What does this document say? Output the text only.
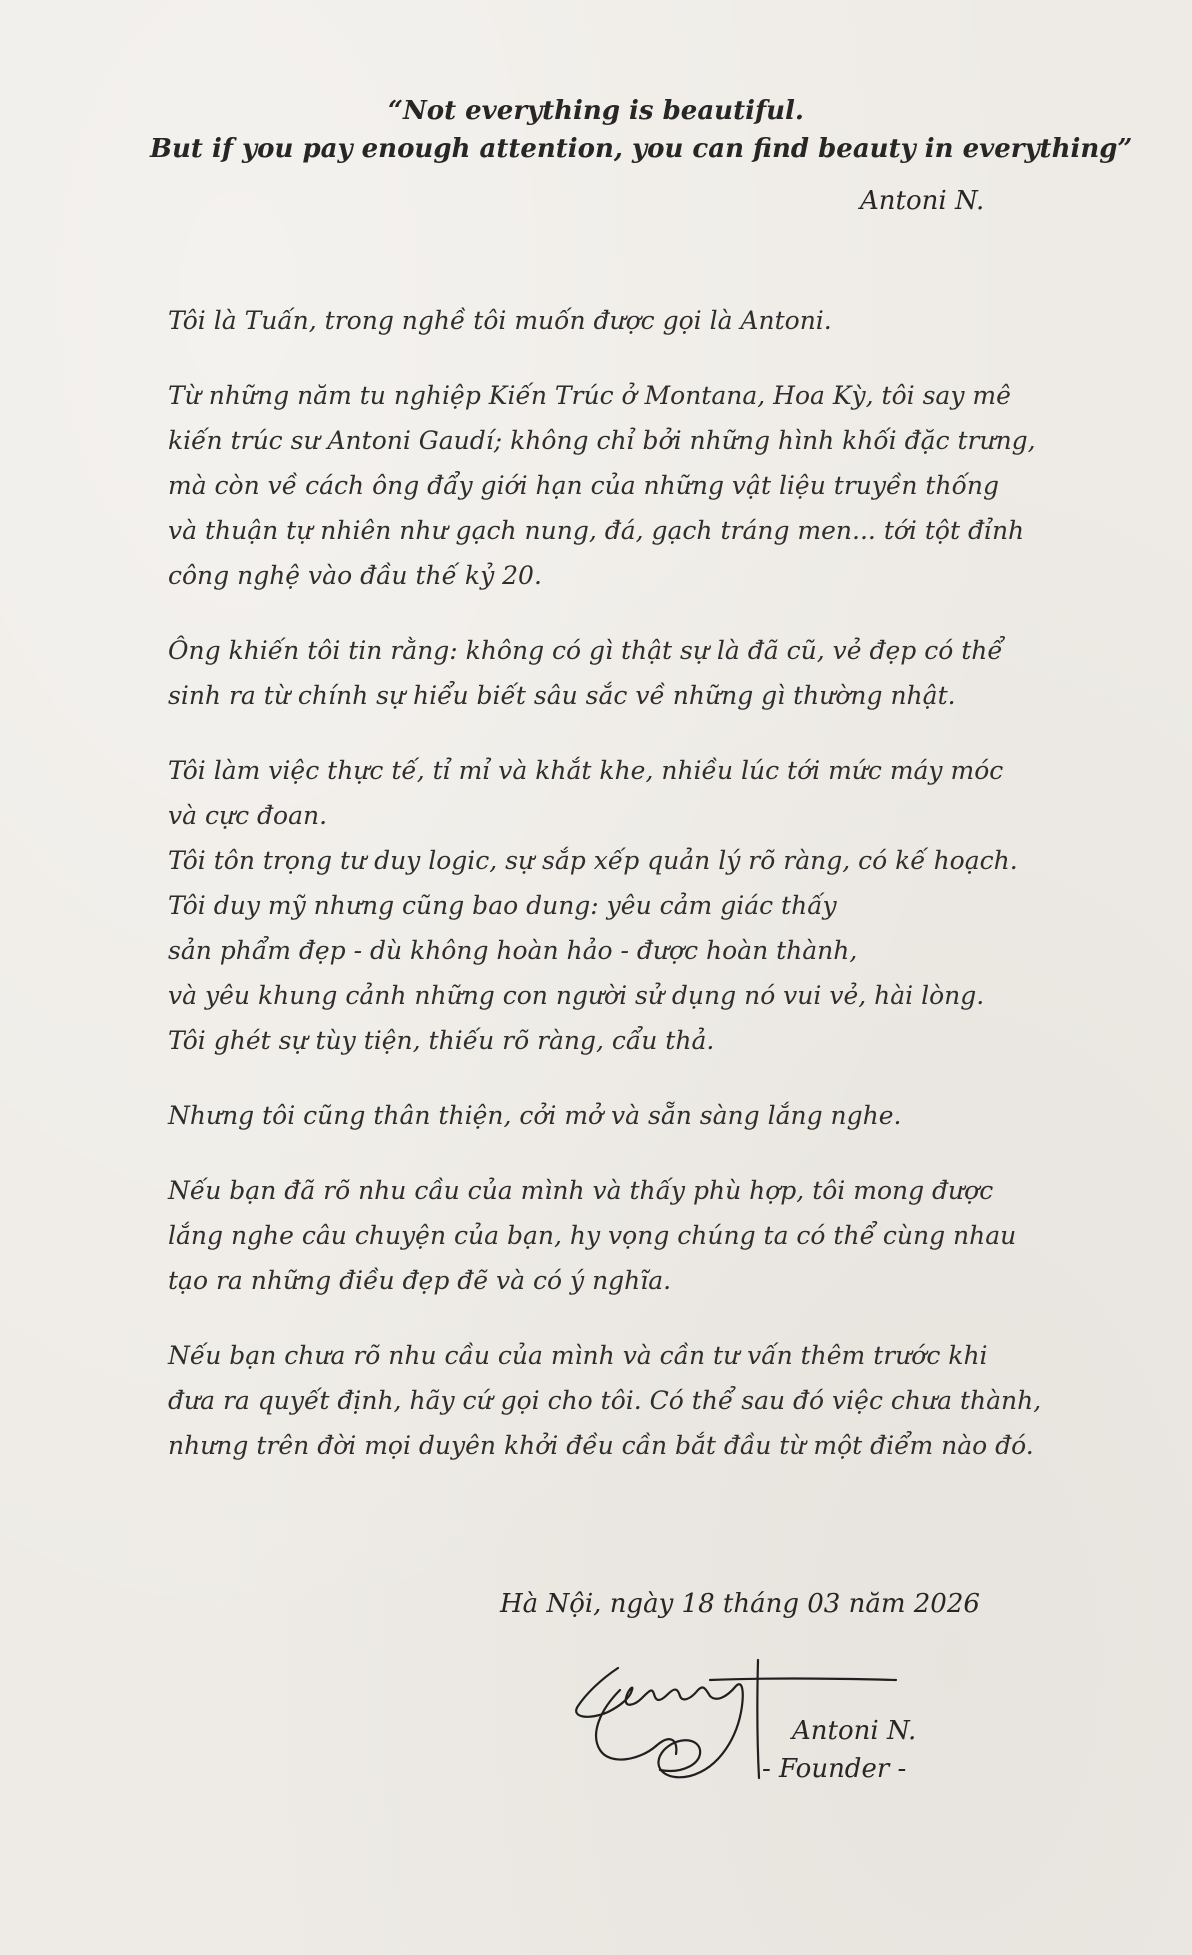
“Not everything is beautiful.
But if you pay enough attention, you can find beauty in everything”
Antoni N.
Tôi là Tuấn, trong nghề tôi muốn được gọi là Antoni.
Từ những năm tu nghiệp Kiến Trúc ở Montana, Hoa Kỳ, tôi say mê
kiến trúc sư Antoni Gaudí; không chỉ bởi những hình khối đặc trưng,
mà còn về cách ông đẩy giới hạn của những vật liệu truyền thống
và thuận tự nhiên như gạch nung, đá, gạch tráng men... tới tột đỉnh
công nghệ vào đầu thế kỷ 20.
Ông khiến tôi tin rằng: không có gì thật sự là đã cũ, vẻ đẹp có thể
sinh ra từ chính sự hiểu biết sâu sắc về những gì thường nhật.
Tôi làm việc thực tế, tỉ mỉ và khắt khe, nhiều lúc tới mức máy móc
và cực đoan.
Tôi tôn trọng tư duy logic, sự sắp xếp quản lý rõ ràng, có kế hoạch.
Tôi duy mỹ nhưng cũng bao dung: yêu cảm giác thấy
sản phẩm đẹp - dù không hoàn hảo - được hoàn thành,
và yêu khung cảnh những con người sử dụng nó vui vẻ, hài lòng.
Tôi ghét sự tùy tiện, thiếu rõ ràng, cẩu thả.
Nhưng tôi cũng thân thiện, cởi mở và sẵn sàng lắng nghe.
Nếu bạn đã rõ nhu cầu của mình và thấy phù hợp, tôi mong được
lắng nghe câu chuyện của bạn, hy vọng chúng ta có thể cùng nhau
tạo ra những điều đẹp đẽ và có ý nghĩa.
Nếu bạn chưa rõ nhu cầu của mình và cần tư vấn thêm trước khi
đưa ra quyết định, hãy cứ gọi cho tôi. Có thể sau đó việc chưa thành,
nhưng trên đời mọi duyên khởi đều cần bắt đầu từ một điểm nào đó.
Hà Nội, ngày 18 tháng 03 năm 2026
Antoni N.
- Founder -
